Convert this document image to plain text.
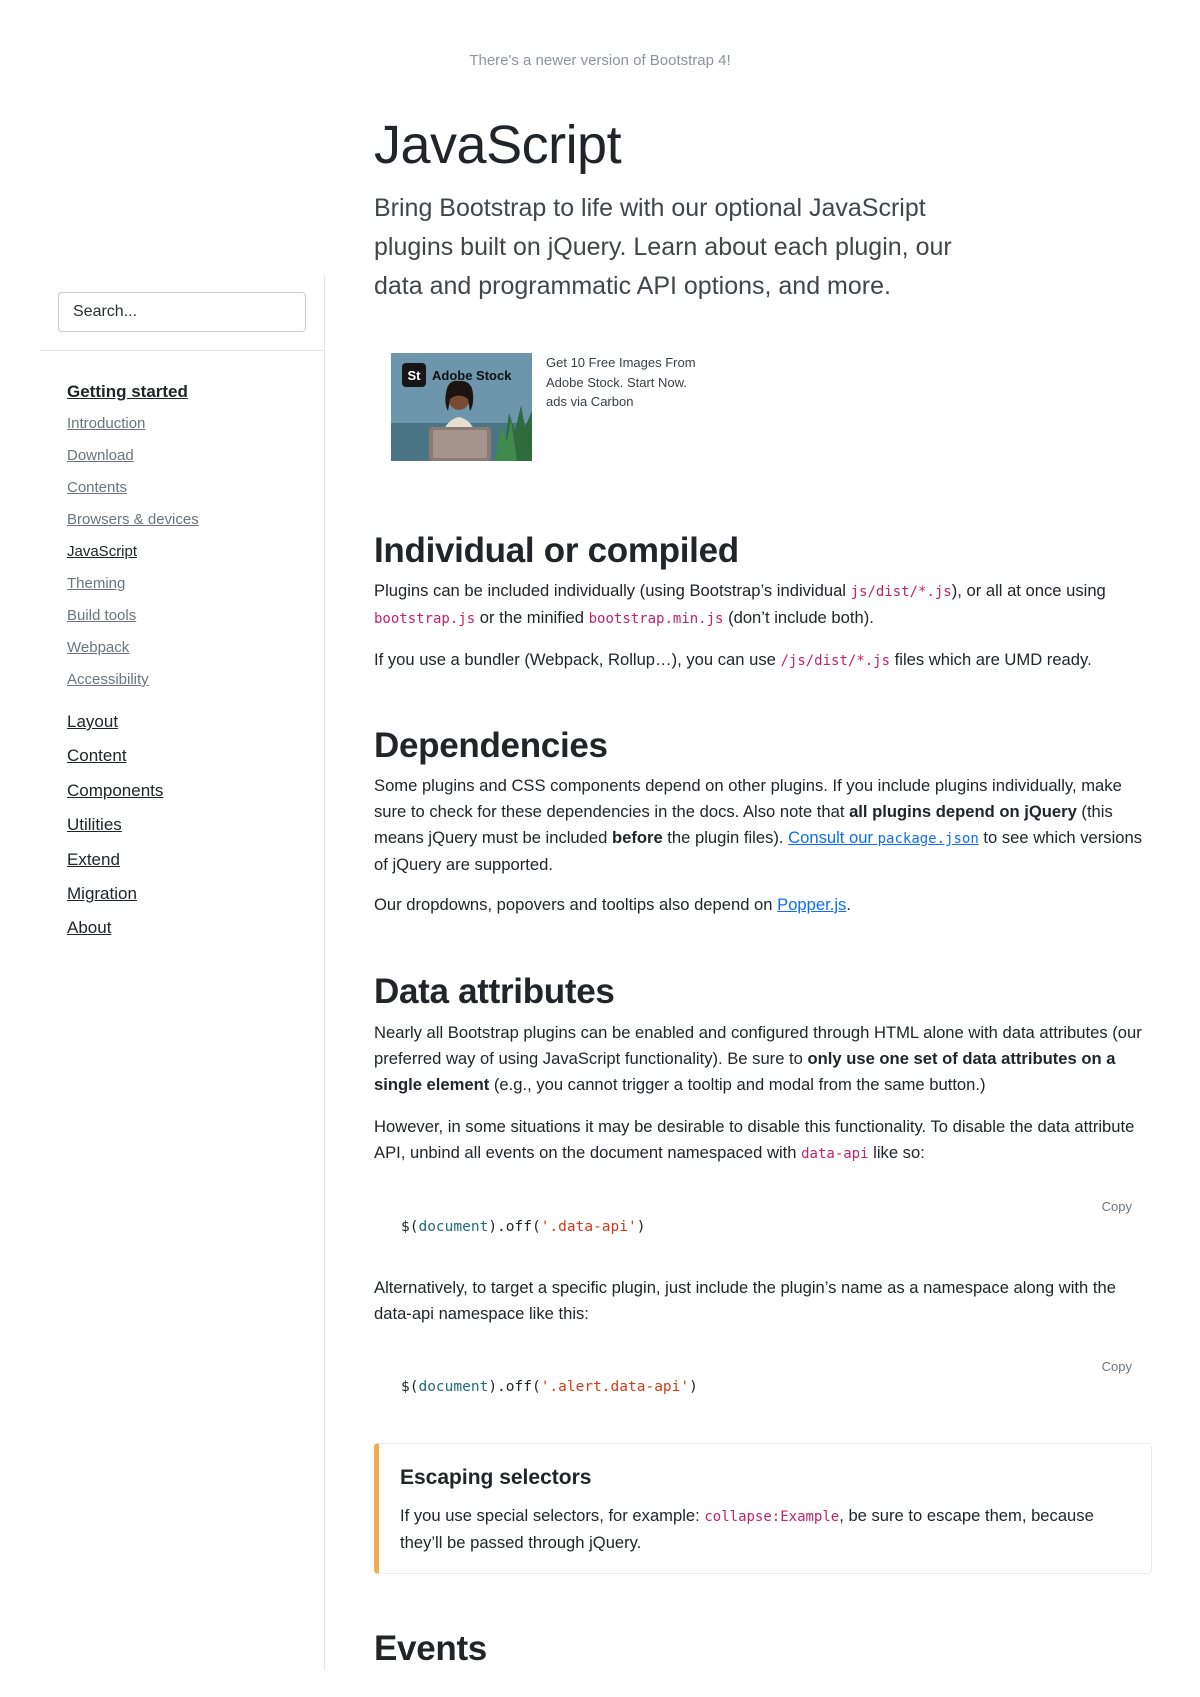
There's a newer version of Bootstrap 4!
Search...
Getting started
Introduction
Download
Contents
Browsers & devices
JavaScript
Theming
Build tools
Webpack
Accessibility
Layout
Content
Components
Utilities
Extend
Migration
About
JavaScript

Bring Bootstrap to life with our optional JavaScript plugins built on jQuery. Learn about each plugin, our data and programmatic API options, and more.

St Adobe Stock
Get 10 Free Images From
Adobe Stock. Start Now.
ads via Carbon
Individual or compiled

Plugins can be included individually (using Bootstrap’s individual js/dist/*.js), or all at once using bootstrap.js or the minified bootstrap.min.js (don’t include both).

If you use a bundler (Webpack, Rollup…), you can use /js/dist/*.js files which are UMD ready.

Dependencies

Some plugins and CSS components depend on other plugins. If you include plugins individually, make sure to check for these dependencies in the docs. Also note that all plugins depend on jQuery (this means jQuery must be included before the plugin files). Consult our package.json to see which versions of jQuery are supported.

Our dropdowns, popovers and tooltips also depend on Popper.js.

Data attributes

Nearly all Bootstrap plugins can be enabled and configured through HTML alone with data attributes (our preferred way of using JavaScript functionality). Be sure to only use one set of data attributes on a single element (e.g., you cannot trigger a tooltip and modal from the same button.)

However, in some situations it may be desirable to disable this functionality. To disable the data attribute API, unbind all events on the document namespaced with data-api like so:

Copy
$(document).off('.data-api')

Alternatively, to target a specific plugin, just include the plugin’s name as a namespace along with the data-api namespace like this:

Copy
$(document).off('.alert.data-api')
Escaping selectors

If you use special selectors, for example: collapse:Example, be sure to escape them, because they’ll be passed through jQuery.

Events
